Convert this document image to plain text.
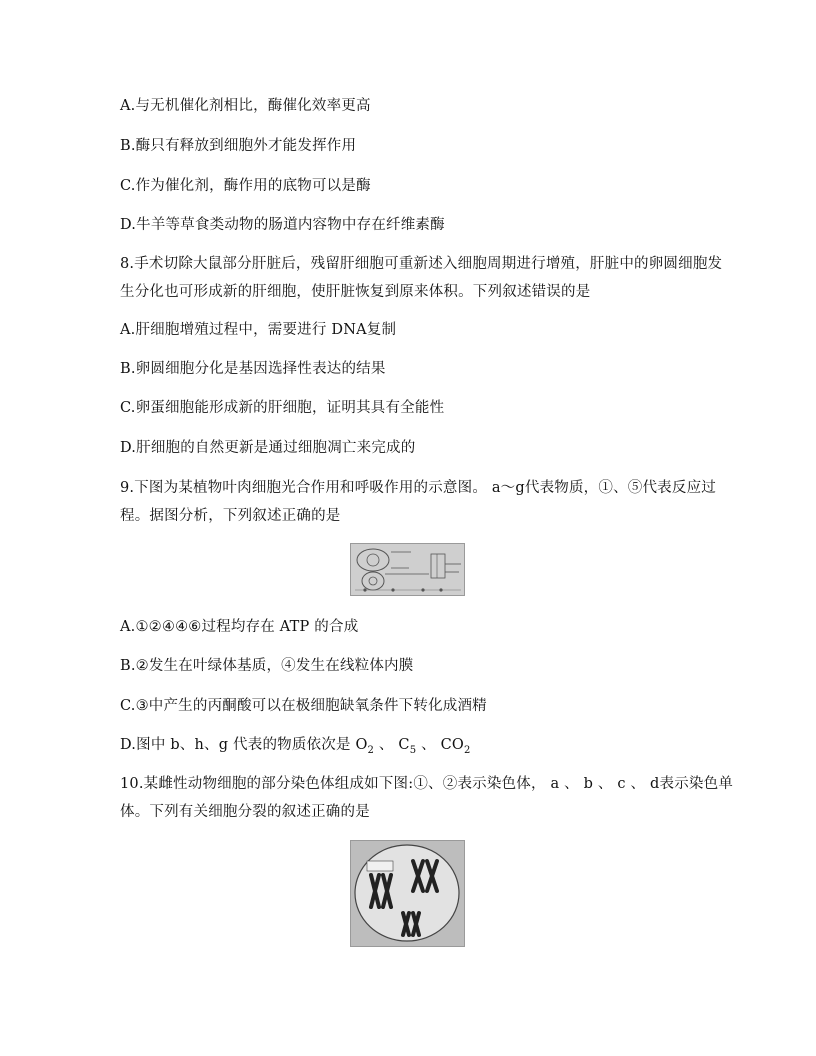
A.与无机催化剂相比，酶催化效率更高
B.酶只有释放到细胞外才能发挥作用
C.作为催化剂，酶作用的底物可以是酶
D.牛羊等草食类动物的肠道内容物中存在纤维素酶
8.手术切除大鼠部分肝脏后，残留肝细胞可重新述入细胞周期进行增殖，肝脏中的卵圆细胞发
生分化也可形成新的肝细胞，使肝脏恢复到原来体积。下列叙述错误的是
A.肝细胞增殖过程中，需要进行 DNA复制
B.卵圆细胞分化是基因选择性表达的结果
C.卵蛋细胞能形成新的肝细胞，证明其具有全能性
D.肝细胞的自然更新是通过细胞凋亡来完成的
9.下图为某植物叶肉细胞光合作用和呼吸作用的示意图。 a～g代表物质，①、⑤代表反应过
程。据图分析，下列叙述正确的是
A.①②④④⑥过程均存在 ATP 的合成
B.②发生在叶绿体基质，④发生在线粒体内膜
C.③中产生的丙酮酸可以在极细胞缺氧条件下转化成酒精
D.图中 b、h、g 代表的物质依次是 $O_2$ 、 $C_5$ 、 $CO_2$
10.某雌性动物细胞的部分染色体组成如下图:①、②表示染色体， a 、 b 、 c 、 d表示染色单
体。下列有关细胞分裂的叙述正确的是
